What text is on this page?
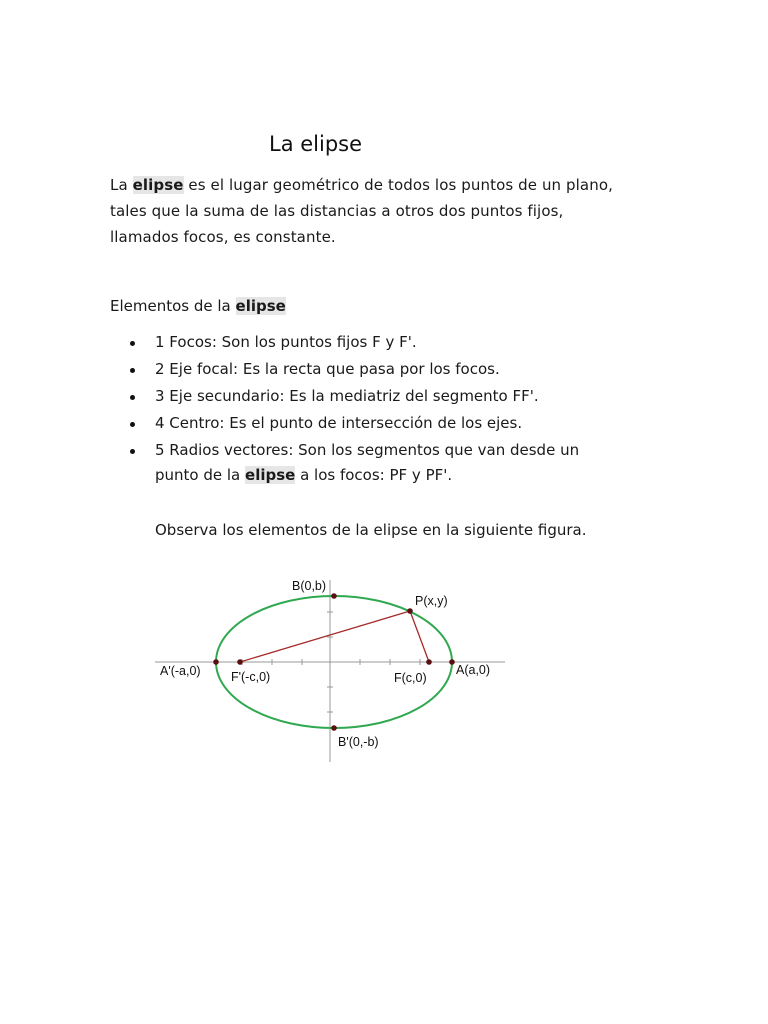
La elipse
La elipse es el lugar geométrico de todos los puntos de un plano,
tales que la suma de las distancias a otros dos puntos fijos,
llamados focos, es constante.
Elementos de la elipse
1 Focos: Son los puntos fijos F y F'.
2 Eje focal: Es la recta que pasa por los focos.
3 Eje secundario: Es la mediatriz del segmento FF'.
4 Centro: Es el punto de intersección de los ejes.
5 Radios vectores: Son los segmentos que van desde un
punto de la elipse a los focos: PF y PF'.
Observa los elementos de la elipse en la siguiente figura.
B(0,b)
B'(0,-b)
A(a,0)
A'(-a,0)	F(c,0)
F'(-c,0)
P(x,y)
